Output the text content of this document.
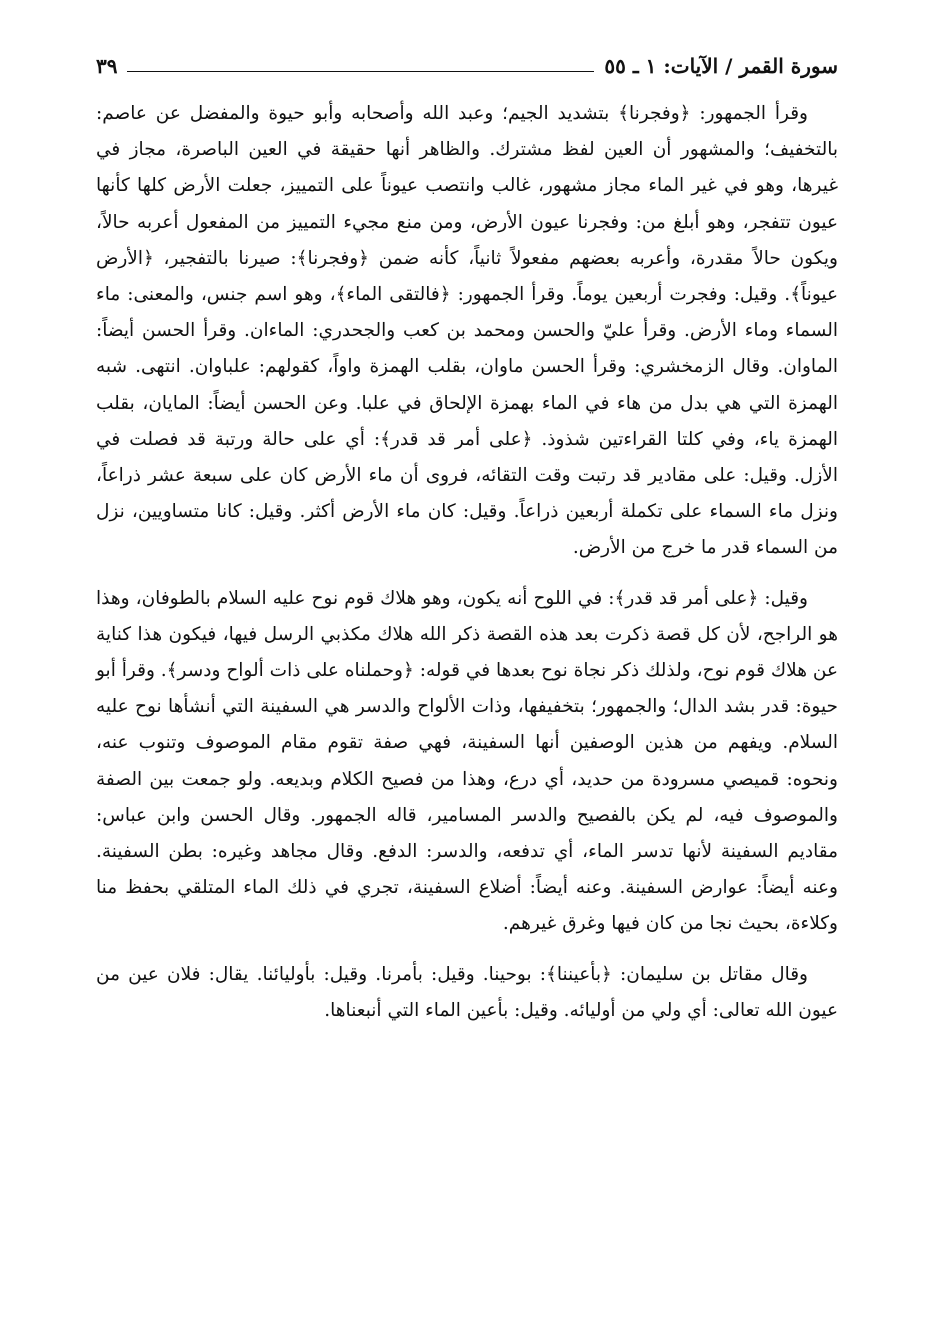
سورة القمر / الآيات: ١ ـ ٥٥
٣٩

وقرأ الجمهور: ﴿وفجرنا﴾ بتشديد الجيم؛ وعبد الله وأصحابه وأبو حيوة والمفضل عن عاصم: بالتخفيف؛ والمشهور أن العين لفظ مشترك. والظاهر أنها حقيقة في العين الباصرة، مجاز في غيرها، وهو في غير الماء مجاز مشهور، غالب وانتصب عيوناً على التمييز، جعلت الأرض كلها كأنها عيون تتفجر، وهو أبلغ من: وفجرنا عيون الأرض، ومن منع مجيء التمييز من المفعول أعربه حالاً، ويكون حالاً مقدرة، وأعربه بعضهم مفعولاً ثانياً، كأنه ضمن ﴿وفجرنا﴾: صيرنا بالتفجير، ﴿الأرض عيوناً﴾. وقيل: وفجرت أربعين يوماً. وقرأ الجمهور: ﴿فالتقى الماء﴾، وهو اسم جنس، والمعنى: ماء السماء وماء الأرض. وقرأ عليّ والحسن ومحمد بن كعب والجحدري: الماءان. وقرأ الحسن أيضاً: الماوان. وقال الزمخشري: وقرأ الحسن ماوان، بقلب الهمزة واواً، كقولهم: علباوان. انتهى. شبه الهمزة التي هي بدل من هاء في الماء بهمزة الإلحاق في علبا. وعن الحسن أيضاً: المايان، بقلب الهمزة ياء، وفي كلتا القراءتين شذوذ. ﴿على أمر قد قدر﴾: أي على حالة ورتبة قد فصلت في الأزل. وقيل: على مقادير قد رتبت وقت التقائه، فروى أن ماء الأرض كان على سبعة عشر ذراعاً، ونزل ماء السماء على تكملة أربعين ذراعاً. وقيل: كان ماء الأرض أكثر. وقيل: كانا متساويين، نزل من السماء قدر ما خرج من الأرض.

وقيل: ﴿على أمر قد قدر﴾: في اللوح أنه يكون، وهو هلاك قوم نوح عليه السلام بالطوفان، وهذا هو الراجح، لأن كل قصة ذكرت بعد هذه القصة ذكر الله هلاك مكذبي الرسل فيها، فيكون هذا كناية عن هلاك قوم نوح، ولذلك ذكر نجاة نوح بعدها في قوله: ﴿وحملناه على ذات ألواح ودسر﴾. وقرأ أبو حيوة: قدر بشد الدال؛ والجمهور؛ بتخفيفها، وذات الألواح والدسر هي السفينة التي أنشأها نوح عليه السلام. ويفهم من هذين الوصفين أنها السفينة، فهي صفة تقوم مقام الموصوف وتنوب عنه، ونحوه: قميصي مسرودة من حديد، أي درع، وهذا من فصيح الكلام وبديعه. ولو جمعت بين الصفة والموصوف فيه، لم يكن بالفصيح والدسر المسامير، قاله الجمهور. وقال الحسن وابن عباس: مقاديم السفينة لأنها تدسر الماء، أي تدفعه، والدسر: الدفع. وقال مجاهد وغيره: بطن السفينة. وعنه أيضاً: عوارض السفينة. وعنه أيضاً: أضلاع السفينة، تجري في ذلك الماء المتلقي بحفظ منا وكلاءة، بحيث نجا من كان فيها وغرق غيرهم.

وقال مقاتل بن سليمان: ﴿بأعيننا﴾: بوحينا. وقيل: بأمرنا. وقيل: بأوليائنا. يقال: فلان عين من عيون الله تعالى: أي ولي من أوليائه. وقيل: بأعين الماء التي أنبعناها.
